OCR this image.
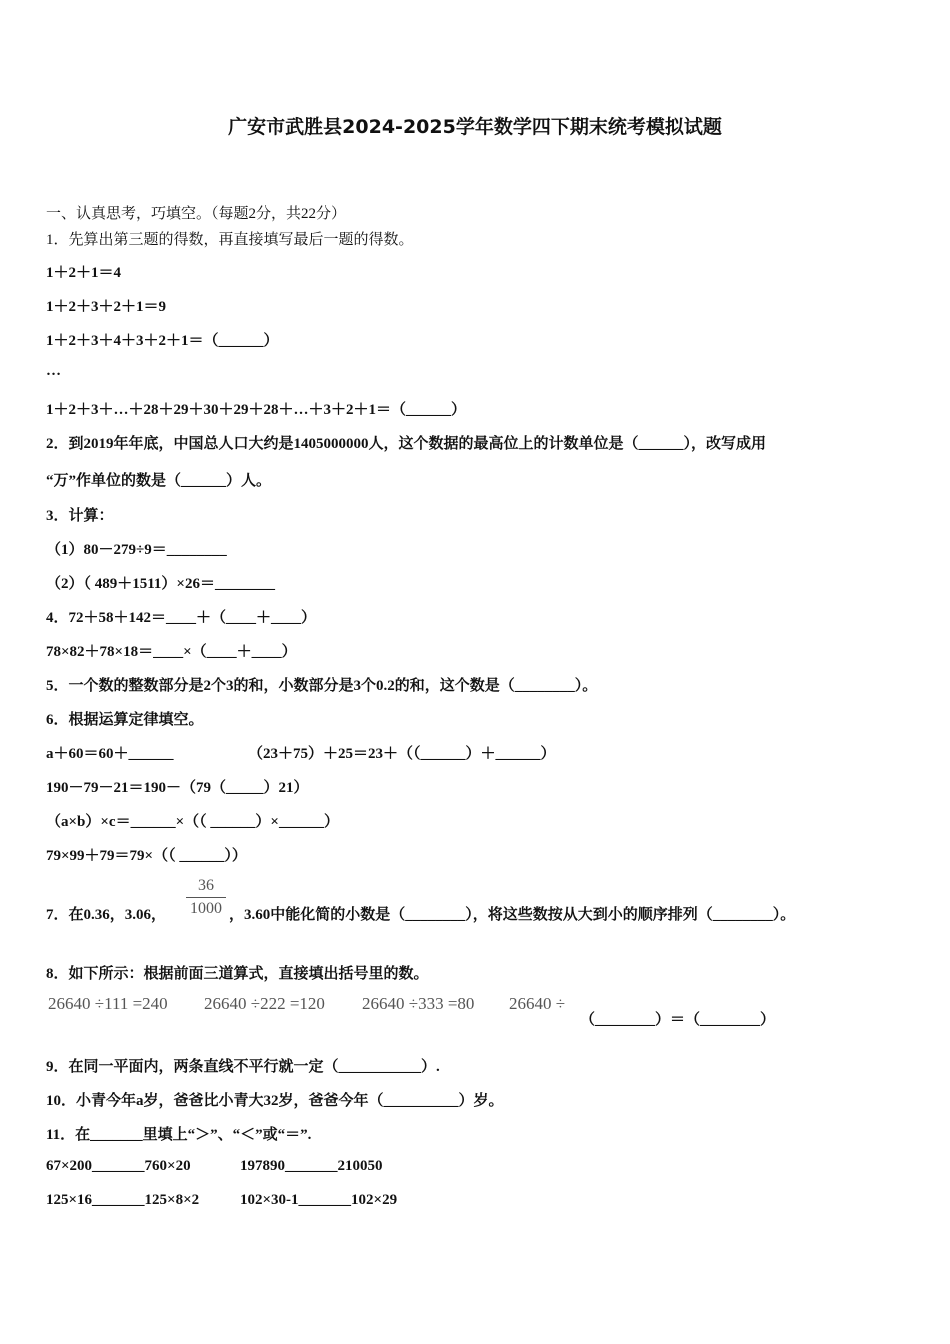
广安市武胜县2024-2025学年数学四下期末统考模拟试题
一、认真思考，巧填空。（每题2分，共22分）
1．先算出第三题的得数，再直接填写最后一题的得数。
1＋2＋1＝4
1＋2＋3＋2＋1＝9
1＋2＋3＋4＋3＋2＋1＝（______）
…
1＋2＋3＋…＋28＋29＋30＋29＋28＋…＋3＋2＋1＝（______）
2．到2019年年底，中国总人口大约是1405000000人，这个数据的最高位上的计数单位是（______），改写成用
“万”作单位的数是（______）人。
3．计算：
（1）80－279÷9＝________
（2）（ 489＋1511）×26＝________
4．72＋58＋142＝____＋（____＋____）
78×82＋78×18＝____×（____＋____）
5．一个数的整数部分是2个3的和，小数部分是3个0.2的和，这个数是（________）。
6．根据运算定律填空。
a＋60＝60＋______	（23＋75）＋25＝23＋（（______）＋______）
190－79－21＝190－（79（_____）21）
（a×b）×c＝______×（（ ______）×______）
79×99＋79＝79×（（ ______））
7．在0.36，3.06，
36
1000 ，3.60中能化简的小数是（________），将这些数按从大到小的顺序排列（________）。
8．如下所示：根据前面三道算式，直接填出括号里的数。
26640 ÷111 =240 26640 ÷222 =120 26640 ÷333 =80 26640 ÷
（________）＝（________）
9．在同一平面内，两条直线不平行就一定（___________）.
10．小青今年a岁，爸爸比小青大32岁，爸爸今年（__________）岁。
11．在_______里填上“＞”、“＜”或“＝”.
67×200_______760×20	197890_______210050
125×16_______125×8×2	102×30-1_______102×29
